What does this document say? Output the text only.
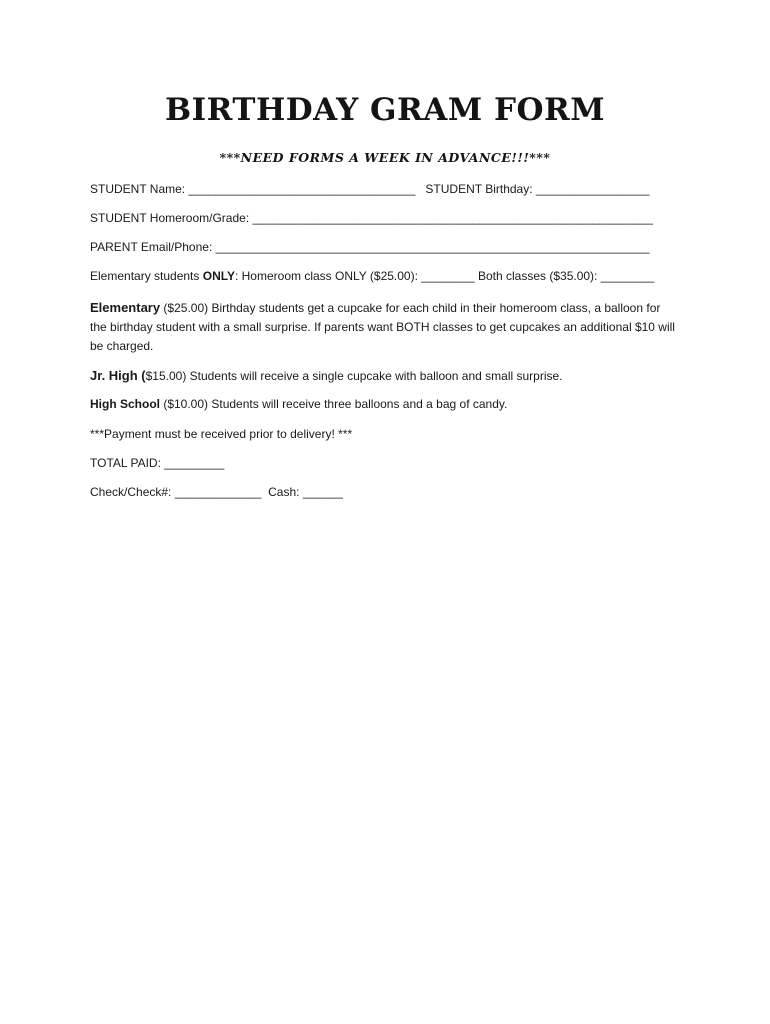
BIRTHDAY GRAM FORM
***NEED FORMS A WEEK IN ADVANCE!!!***
STUDENT Name: __________________________________ STUDENT Birthday: _________________
STUDENT Homeroom/Grade: ____________________________________________________________
PARENT Email/Phone: _________________________________________________________________
Elementary students ONLY: Homeroom class ONLY ($25.00): ________ Both classes ($35.00): ________
Elementary ($25.00) Birthday students get a cupcake for each child in their homeroom class, a balloon for the birthday student with a small surprise. If parents want BOTH classes to get cupcakes an additional $10 will be charged.
Jr. High ($15.00) Students will receive a single cupcake with balloon and small surprise.
High School ($10.00) Students will receive three balloons and a bag of candy.
***Payment must be received prior to delivery! ***
TOTAL PAID: _________
Check/Check#: _____________  Cash: ______
